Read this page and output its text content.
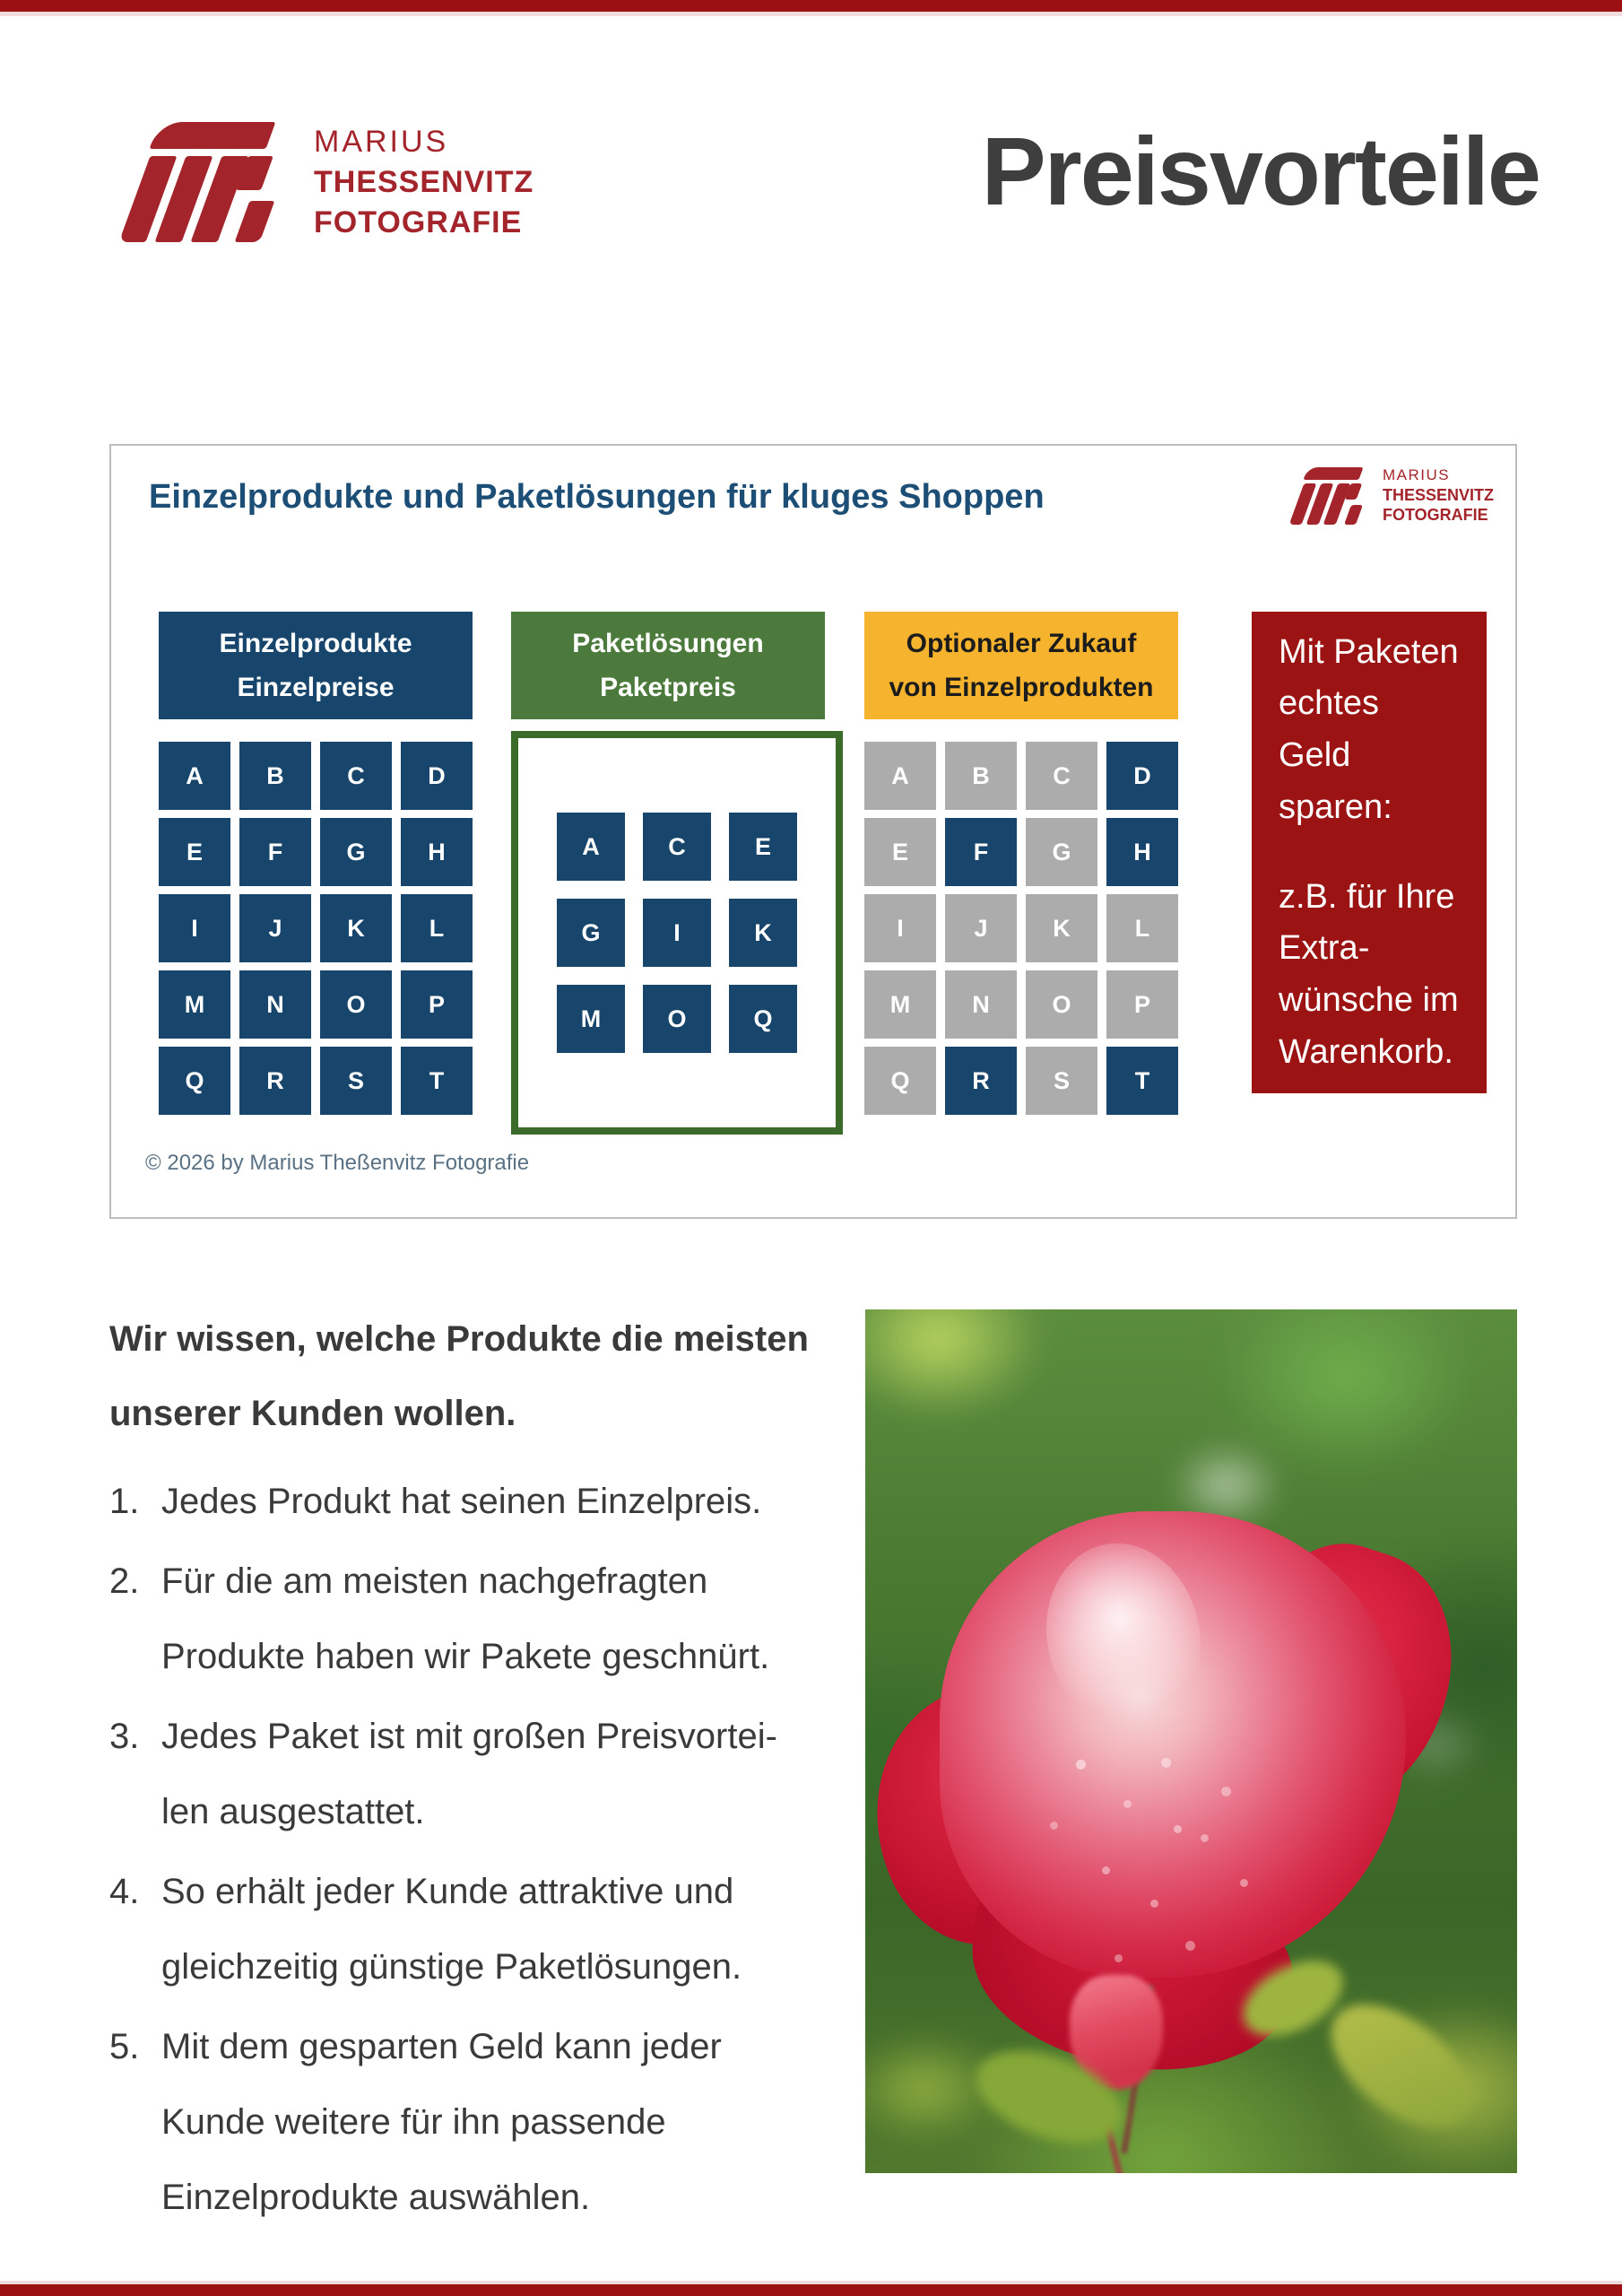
MARIUS
THESSENVITZ
FOTOGRAFIE	Preisvorteile
Einzelprodukte und Paketlösungen für kluges Shoppen
MARIUS
THESSENVITZ
FOTOGRAFIE
Einzelprodukte
Einzelpreise
Paketlösungen
Paketpreis
Optionaler Zukauf
von Einzelprodukten
A	B	C	D
E	F	G	H
I	J	K	L
M	N	O	P
Q	R	S	T
A	C	E
G	I	K
M	O	Q
A	B	C	D
E	F	G	H
I	J	K	L
M	N	O	P
Q	R	S	T
Mit Paketen echtes Geld sparen:
z.B. für Ihre Extra-wünsche im Warenkorb.
© 2026 by Marius Theßenvitz Fotografie
Wir wissen, welche Produkte die meisten
unserer Kunden wollen.
1. Jedes Produkt hat seinen Einzelpreis.
2. Für die am meisten nachgefragten Produkte haben wir Pakete geschnürt.
3. Jedes Paket ist mit großen Preisvorteilen ausgestattet.
4. So erhält jeder Kunde attraktive und gleichzeitig günstige Paketlösungen.
5. Mit dem gesparten Geld kann jeder Kunde weitere für ihn passende Einzelprodukte auswählen.
